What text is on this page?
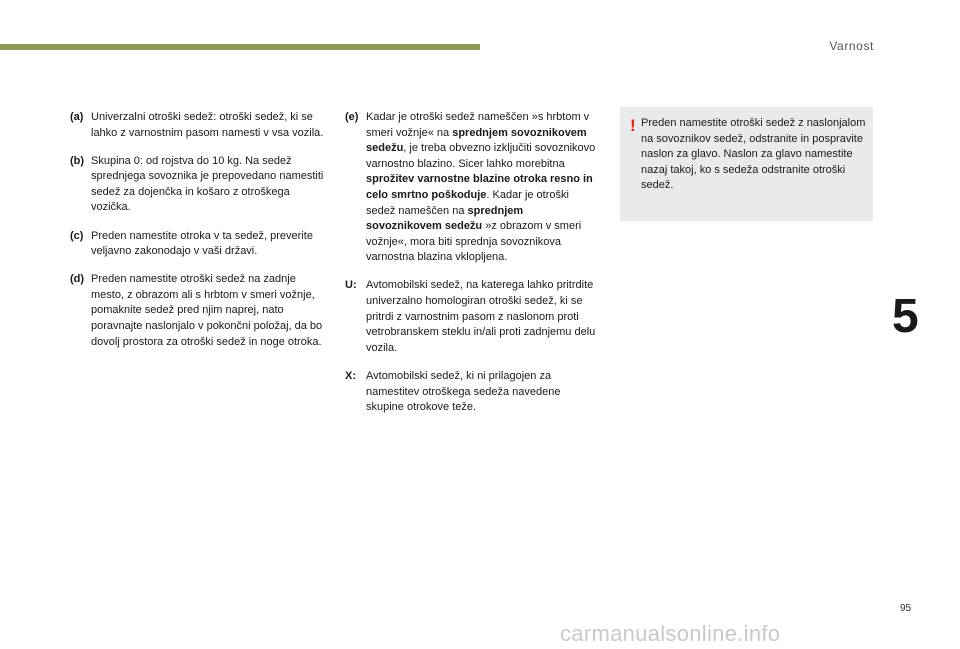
Varnost
5
(a) Univerzalni otroški sedež: otroški sedež, ki se lahko z varnostnim pasom namesti v vsa vozila.
(b) Skupina 0: od rojstva do 10 kg. Na sedež sprednjega sovoznika je prepovedano namestiti sedež za dojenčka in košaro z otroškega vozička.
(c) Preden namestite otroka v ta sedež, preverite veljavno zakonodajo v vaši državi.
(d) Preden namestite otroški sedež na zadnje mesto, z obrazom ali s hrbtom v smeri vožnje, pomaknite sedež pred njim naprej, nato poravnajte naslonjalo v pokončni položaj, da bo dovolj prostora za otroški sedež in noge otroka.
(e) Kadar je otroški sedež nameščen »s hrbtom v smeri vožnje« na sprednjem sovoznikovem sedežu, je treba obvezno izključiti sovoznikovo varnostno blazino. Sicer lahko morebitna sprožitev varnostne blazine otroka resno in celo smrtno poškoduje. Kadar je otroški sedež nameščen na sprednjem sovoznikovem sedežu »z obrazom v smeri vožnje«, mora biti sprednja sovoznikova varnostna blazina vklopljena.
U: Avtomobilski sedež, na katerega lahko pritrdite univerzalno homologiran otroški sedež, ki se pritrdi z varnostnim pasom z naslonom proti vetrobranskem steklu in/ali proti zadnjemu delu vozila.
X: Avtomobilski sedež, ki ni prilagojen za namestitev otroškega sedeža navedene skupine otrokove teže.
! Preden namestite otroški sedež z naslonjalom na sovoznikov sedež, odstranite in pospravite naslon za glavo. Naslon za glavo namestite nazaj takoj, ko s sedeža odstranite otroški sedež.
95
carmanualsonline.info
